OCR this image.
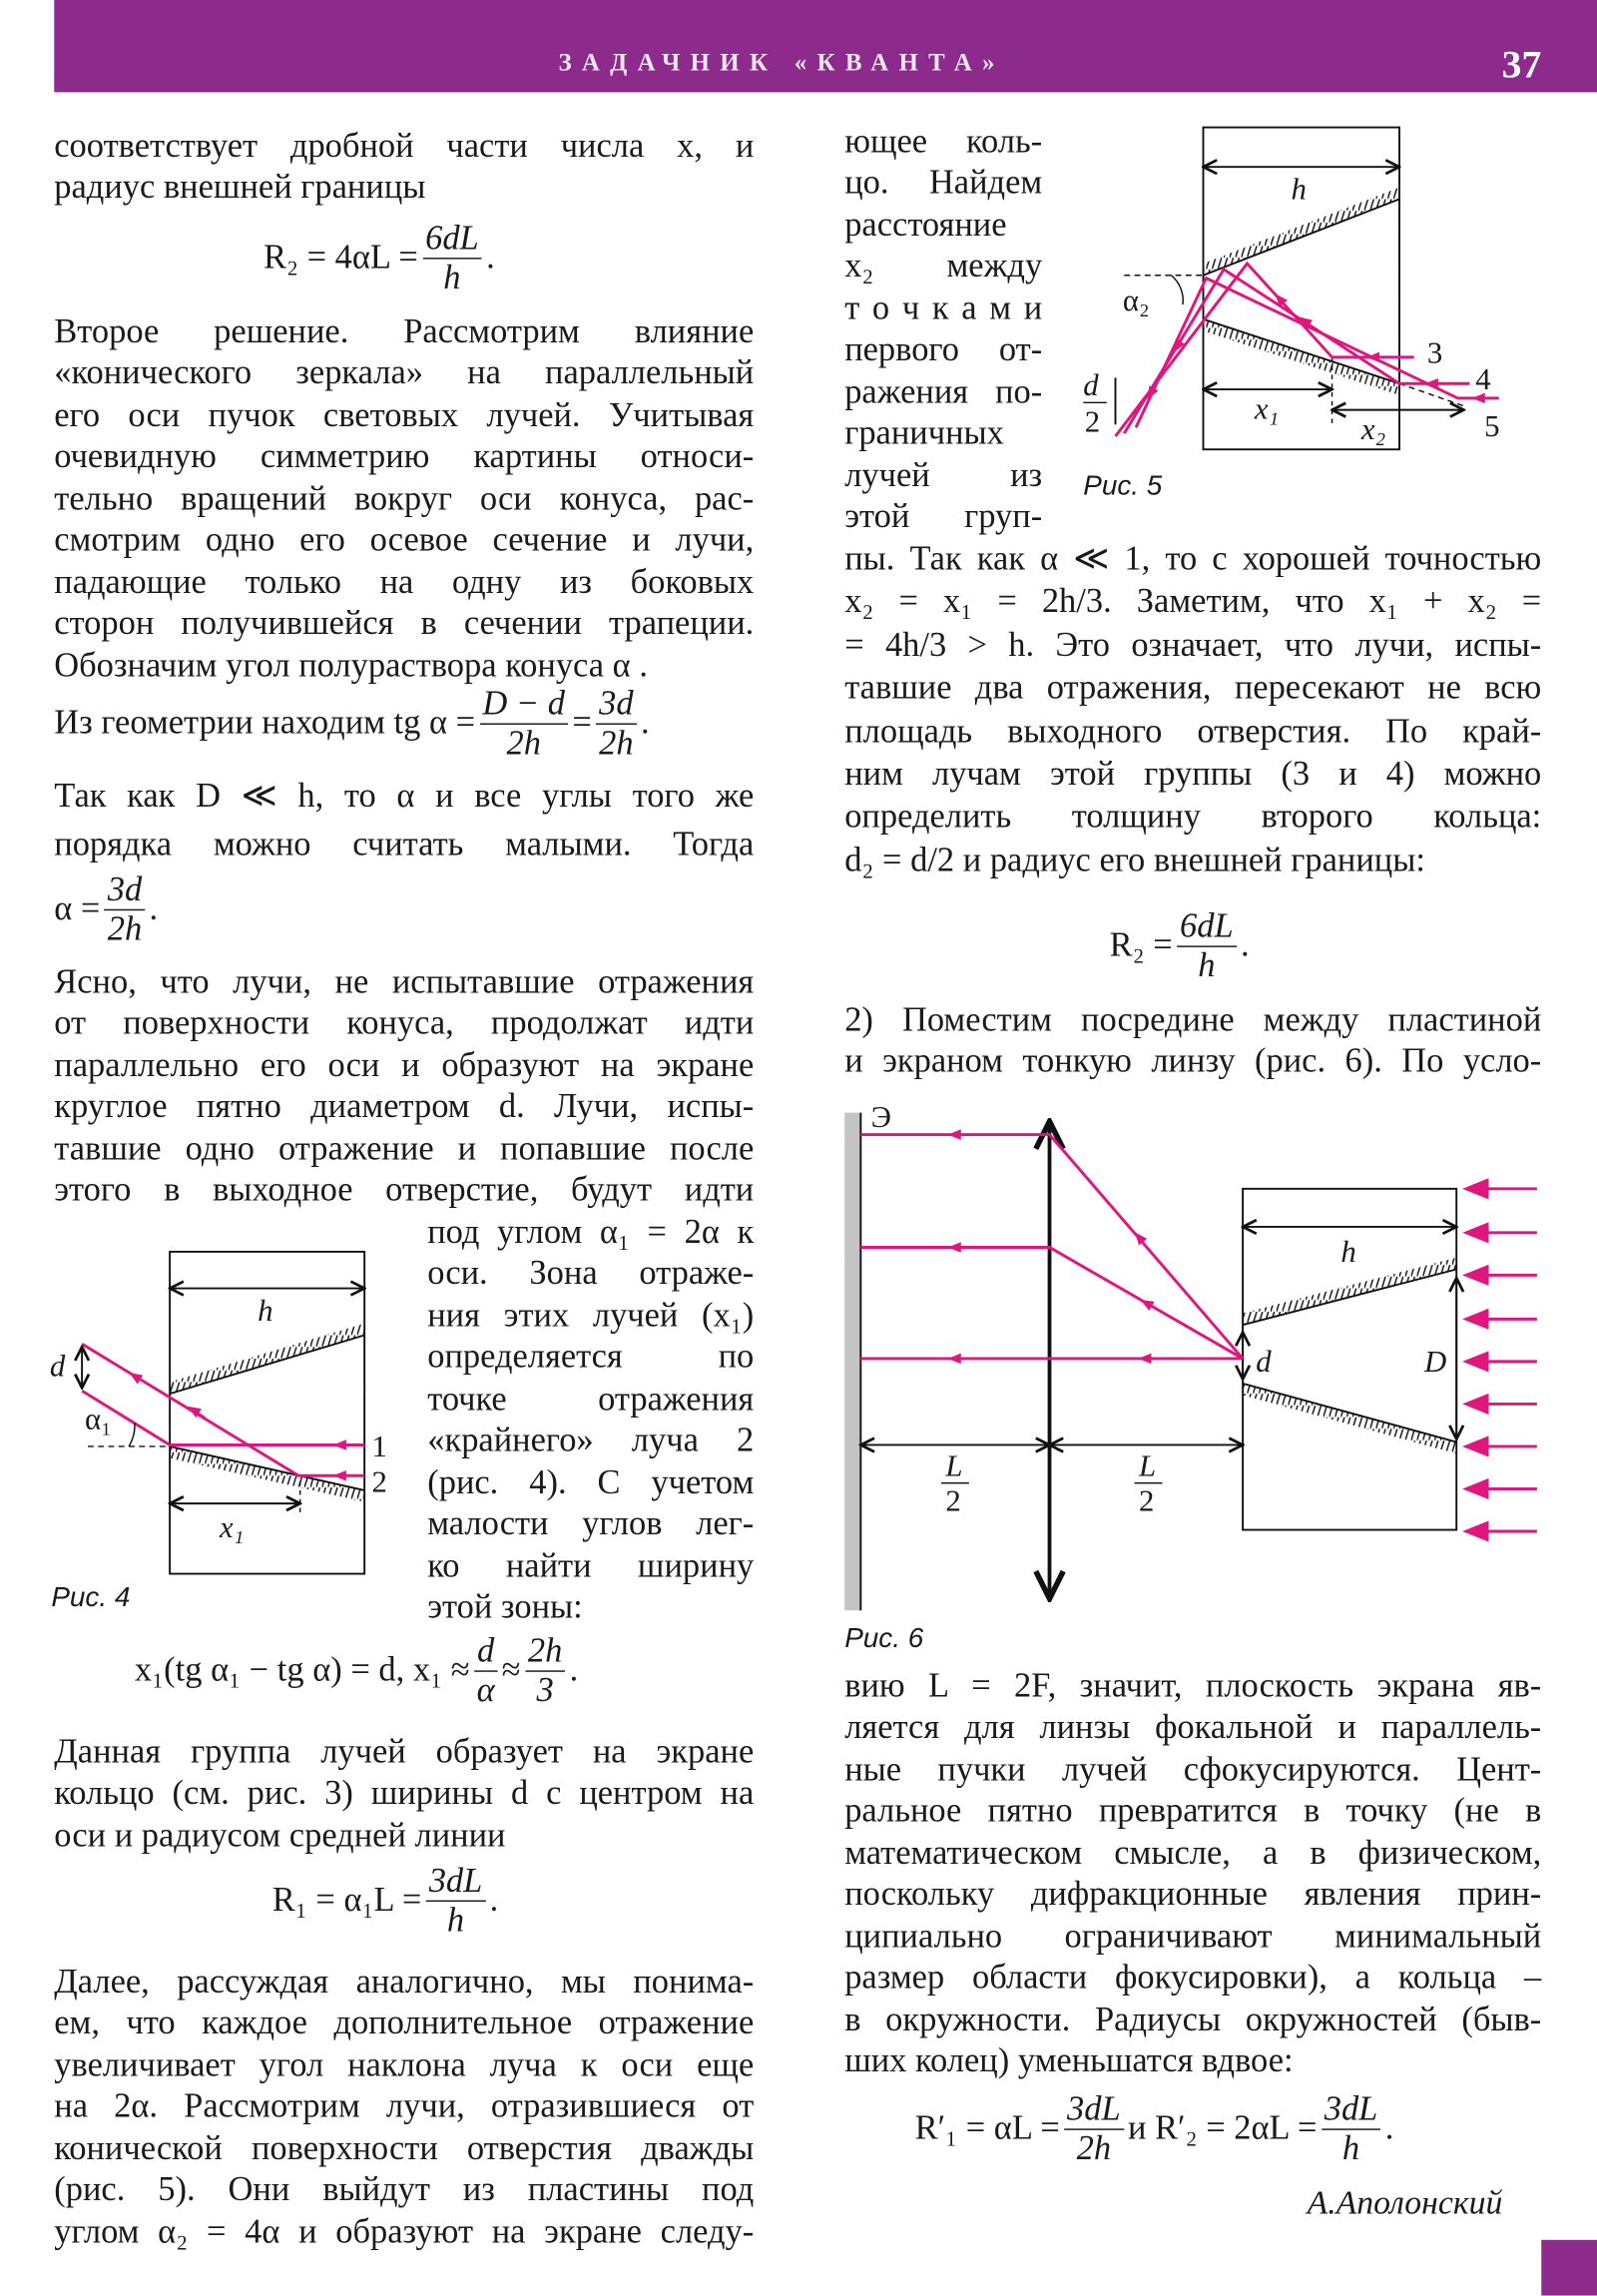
ЗАДАЧНИК «КВАНТА»	37
соответствует дробной части числа x, и
радиус внешней границы
$R_2 = 4\alpha L = \frac{6dL}{h}$ .
Второе решение. Рассмотрим влияние
«конического зеркала» на параллельный
его оси пучок световых лучей. Учитывая
очевидную симметрию картины относи-
тельно вращений вокруг оси конуса, рас-
смотрим одно его осевое сечение и лучи,
падающие только на одну из боковых
сторон получившейся в сечении трапеции.
Обозначим угол полураствора конуса α .
Из геометрии находим tg $\alpha = \frac{D - d}{2h} = \frac{3d}{2h}$ .
Так как D ≪ h, то α и все углы того же
порядка можно считать малыми. Тогда
$\alpha = \frac{3d}{2h}$ .
Ясно, что лучи, не испытавшие отражения
от поверхности конуса, продолжат идти
параллельно его оси и образуют на экране
круглое пятно диаметром d. Лучи, испы-
тавшие одно отражение и попавшие после
этого в выходное отверстие, будут идти
под углом α₁ = 2α к
оси. Зона отраже-
ния этих лучей (x₁)
определяется по
точке отражения
«крайнего» луча 2
(рис. 4). С учетом
малости углов лег-
ко найти ширину
этой зоны:
x₁(tg α₁ − tg α) = d, $x_1 \approx \frac{d}{\alpha} \approx \frac{2h}{3}$ .
Данная группа лучей образует на экране
кольцо (см. рис. 3) ширины d с центром на
оси и радиусом средней линии
$R_1 = \alpha_1L = \frac{3dL}{h}$ .
Далее, рассуждая аналогично, мы понима-
ем, что каждое дополнительное отражение
увеличивает угол наклона луча к оси еще
на 2α. Рассмотрим лучи, отразившиеся от
конической поверхности отверстия дважды
(рис. 5). Они выйдут из пластины под
углом α₂ = 4α и образуют на экране следу-
ющее коль-
цо. Найдем
расстояние
x₂ между
т о ч к а м и
первого от-
ражения по-
граничных
лучей из
этой груп-
пы. Так как α ≪ 1, то с хорошей точностью
x₂ = x₁ = 2h/3. Заметим, что x₁ + x₂ =
= 4h/3 > h. Это означает, что лучи, испы-
тавшие два отражения, пересекают не всю
площадь выходного отверстия. По край-
ним лучам этой группы (3 и 4) можно
определить толщину второго кольца:
d₂ = d/2 и радиус его внешней границы:
$R_2 = \frac{6dL}{h}$ .
2) Поместим посредине между пластиной
и экраном тонкую линзу (рис. 6). По усло-
вию L = 2F, значит, плоскость экрана яв-
ляется для линзы фокальной и параллель-
ные пучки лучей сфокусируются. Цент-
ральное пятно превратится в точку (не в
математическом смысле, а в физическом,
поскольку дифракционные явления прин-
ципиально ограничивают минимальный
размер области фокусировки), а кольца –
в окружности. Радиусы окружностей (быв-
ших колец) уменьшатся вдвое:
$R'_1 = \alpha L = \frac{3dL}{2h}$ и $R'_2 = 2\alpha L = \frac{3dL}{h}$ .
А.Аполонский
Рис. 4
Рис. 5
Рис. 6
h
d
α₁
x₁
1
2
h
α₂
d
2	x₁
x₂
3
4
5
Э
h
d	D
L
2
L
2
